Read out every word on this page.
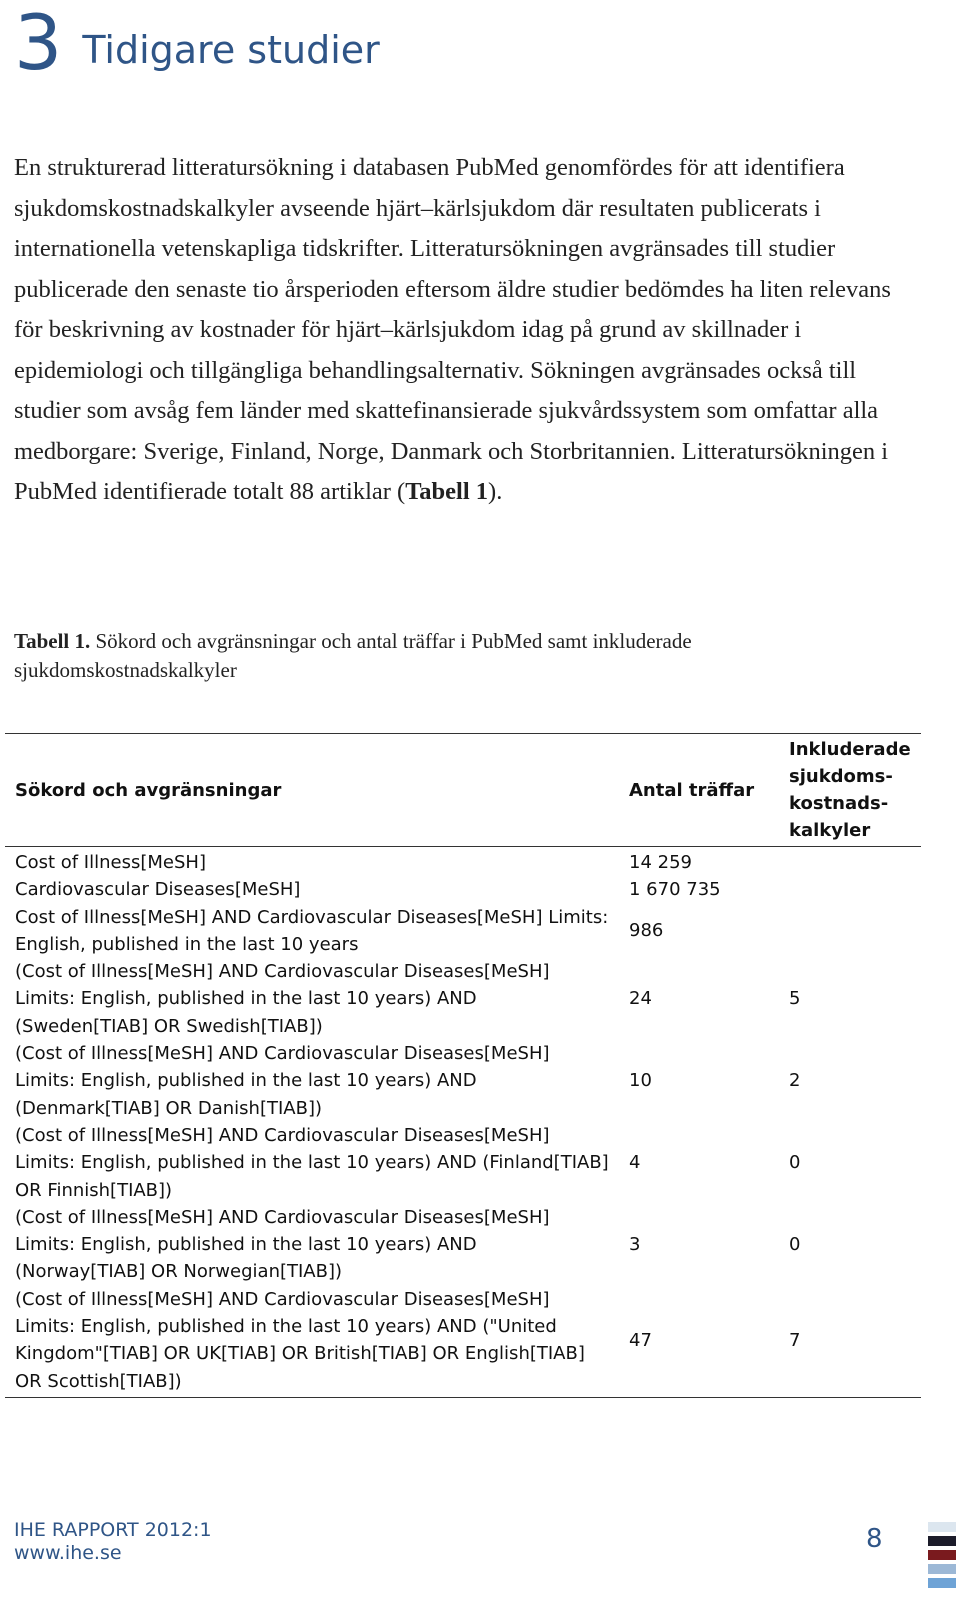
3 Tidigare studier
En strukturerad litteratursökning i databasen PubMed genomfördes för att identifiera sjukdomskostnadskalkyler avseende hjärt–kärlsjukdom där resultaten publicerats i internationella vetenskapliga tidskrifter. Litteratursökningen avgränsades till studier publicerade den senaste tio årsperioden eftersom äldre studier bedömdes ha liten relevans för beskrivning av kostnader för hjärt–kärlsjukdom idag på grund av skillnader i epidemiologi och tillgängliga behandlingsalternativ. Sökningen avgränsades också till studier som avsåg fem länder med skattefinansierade sjukvårdssystem som omfattar alla medborgare: Sverige, Finland, Norge, Danmark och Storbritannien. Litteratursökningen i PubMed identifierade totalt 88 artiklar (Tabell 1).
Tabell 1. Sökord och avgränsningar och antal träffar i PubMed samt inkluderade sjukdomskostnadskalkyler
Sökord och avgränsningar	Antal träffar	Inkluderade sjukdoms-kostnads-kalkyler
Cost of Illness[MeSH]	14 259	
Cardiovascular Diseases[MeSH]	1 670 735	
Cost of Illness[MeSH] AND Cardiovascular Diseases[MeSH] Limits: English, published in the last 10 years	986	
(Cost of Illness[MeSH] AND Cardiovascular Diseases[MeSH] Limits: English, published in the last 10 years) AND (Sweden[TIAB] OR Swedish[TIAB])	24	5
(Cost of Illness[MeSH] AND Cardiovascular Diseases[MeSH] Limits: English, published in the last 10 years) AND (Denmark[TIAB] OR Danish[TIAB])	10	2
(Cost of Illness[MeSH] AND Cardiovascular Diseases[MeSH] Limits: English, published in the last 10 years) AND (Finland[TIAB] OR Finnish[TIAB])	4	0
(Cost of Illness[MeSH] AND Cardiovascular Diseases[MeSH] Limits: English, published in the last 10 years) AND (Norway[TIAB] OR Norwegian[TIAB])	3	0
(Cost of Illness[MeSH] AND Cardiovascular Diseases[MeSH] Limits: English, published in the last 10 years) AND ("United Kingdom"[TIAB] OR UK[TIAB] OR British[TIAB] OR English[TIAB] OR Scottish[TIAB])	47	7
IHE RAPPORT 2012:1
www.ihe.se	8
